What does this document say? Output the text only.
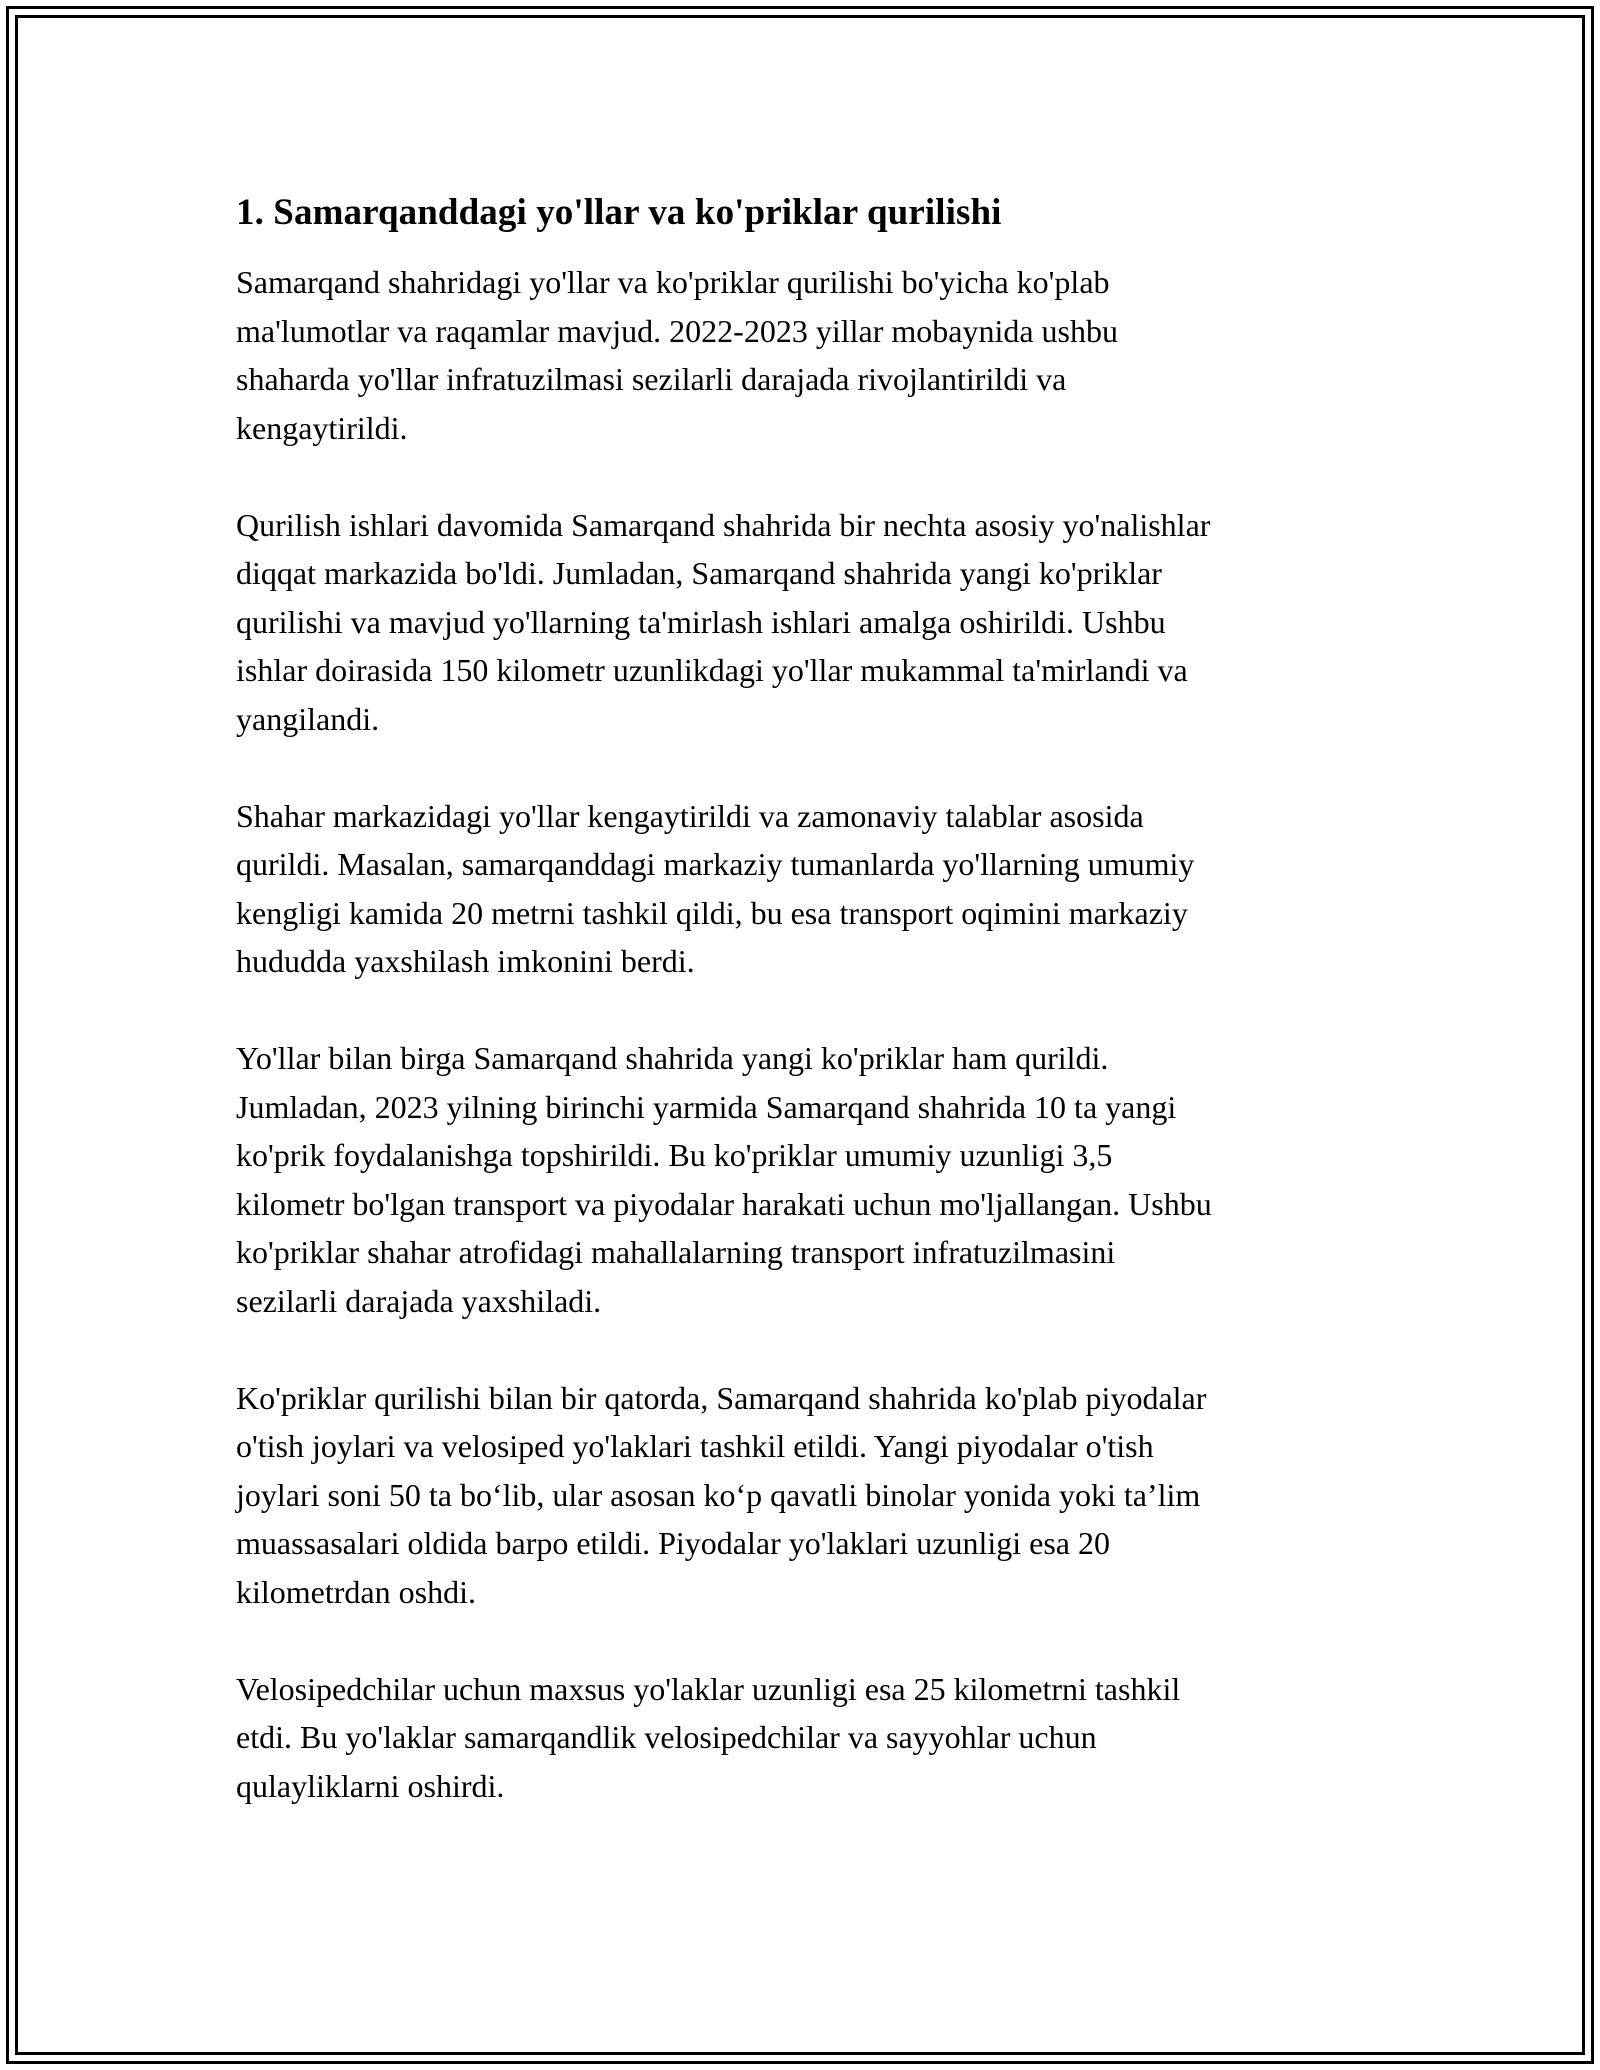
1. Samarqanddagi yo'llar va ko'priklar qurilishi

Samarqand shahridagi yo'llar va ko'priklar qurilishi bo'yicha ko'plab
ma'lumotlar va raqamlar mavjud. 2022-2023 yillar mobaynida ushbu
shaharda yo'llar infratuzilmasi sezilarli darajada rivojlantirildi va
kengaytirildi.

Qurilish ishlari davomida Samarqand shahrida bir nechta asosiy yo'nalishlar
diqqat markazida bo'ldi. Jumladan, Samarqand shahrida yangi ko'priklar
qurilishi va mavjud yo'llarning ta'mirlash ishlari amalga oshirildi. Ushbu
ishlar doirasida 150 kilometr uzunlikdagi yo'llar mukammal ta'mirlandi va
yangilandi.

Shahar markazidagi yo'llar kengaytirildi va zamonaviy talablar asosida
qurildi. Masalan, samarqanddagi markaziy tumanlarda yo'llarning umumiy
kengligi kamida 20 metrni tashkil qildi, bu esa transport oqimini markaziy
hududda yaxshilash imkonini berdi.

Yo'llar bilan birga Samarqand shahrida yangi ko'priklar ham qurildi.
Jumladan, 2023 yilning birinchi yarmida Samarqand shahrida 10 ta yangi
ko'prik foydalanishga topshirildi. Bu ko'priklar umumiy uzunligi 3,5
kilometr bo'lgan transport va piyodalar harakati uchun mo'ljallangan. Ushbu
ko'priklar shahar atrofidagi mahallalarning transport infratuzilmasini
sezilarli darajada yaxshiladi.

Ko'priklar qurilishi bilan bir qatorda, Samarqand shahrida ko'plab piyodalar
o'tish joylari va velosiped yo'laklari tashkil etildi. Yangi piyodalar o'tish
joylari soni 50 ta bo‘lib, ular asosan ko‘p qavatli binolar yonida yoki ta’lim
muassasalari oldida barpo etildi. Piyodalar yo'laklari uzunligi esa 20
kilometrdan oshdi.

Velosipedchilar uchun maxsus yo'laklar uzunligi esa 25 kilometrni tashkil
etdi. Bu yo'laklar samarqandlik velosipedchilar va sayyohlar uchun
qulayliklarni oshirdi.
